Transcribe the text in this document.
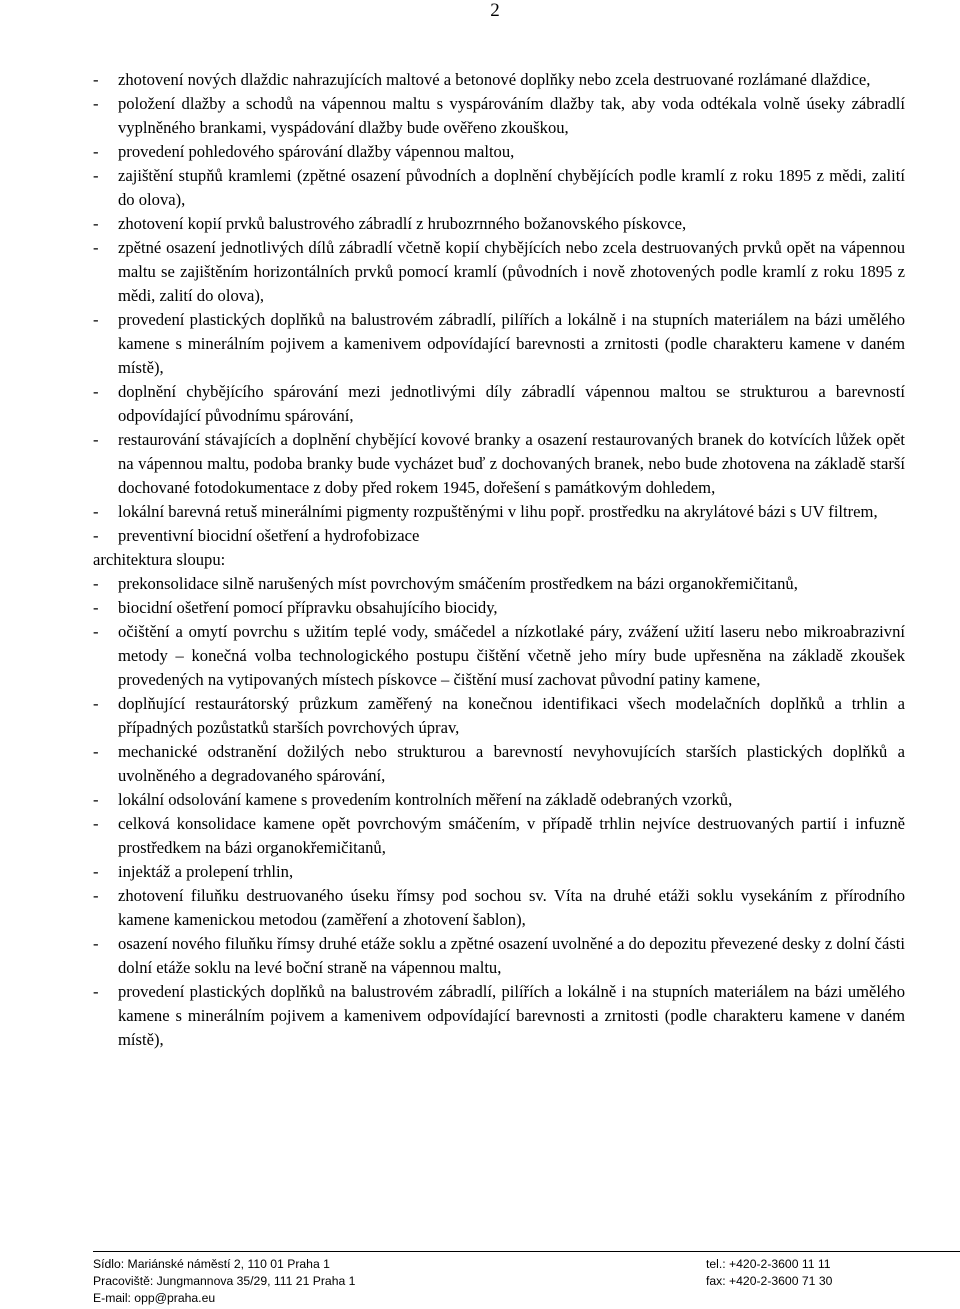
2
- zhotovení nových dlaždic nahrazujících maltové a betonové doplňky nebo zcela destruované rozlámané dlaždice,
- položení dlažby a schodů na vápennou maltu s vyspárováním dlažby tak, aby voda odtékala volně úseky zábradlí vyplněného brankami, vyspádování dlažby bude ověřeno zkouškou,
- provedení pohledového spárování dlažby vápennou maltou,
- zajištění stupňů kramlemi (zpětné osazení původních a doplnění chybějících podle kramlí z roku 1895 z mědi, zalití do olova),
- zhotovení kopií prvků balustrového zábradlí z hrubozrnného božanovského pískovce,
- zpětné osazení jednotlivých dílů zábradlí včetně kopií chybějících nebo zcela destruovaných prvků opět na vápennou maltu se zajištěním horizontálních prvků pomocí kramlí (původních i nově zhotovených podle kramlí z roku 1895 z mědi, zalití do olova),
- provedení plastických doplňků na balustrovém zábradlí, pilířích a lokálně i na stupních materiálem na bázi umělého kamene s minerálním pojivem a kamenivem odpovídající barevnosti a zrnitosti (podle charakteru kamene v daném místě),
- doplnění chybějícího spárování mezi jednotlivými díly zábradlí vápennou maltou se strukturou a barevností odpovídající původnímu spárování,
- restaurování stávajících a doplnění chybějící kovové branky a osazení restaurovaných branek do kotvících lůžek opět na vápennou maltu, podoba branky bude vycházet buď z dochovaných branek, nebo bude zhotovena na základě starší dochované fotodokumentace z doby před rokem 1945, dořešení s památkovým dohledem,
- lokální barevná retuš minerálními pigmenty rozpuštěnými v lihu popř. prostředku na akrylátové bázi s UV filtrem,
- preventivní biocidní ošetření a hydrofobizace
architektura sloupu:
- prekonsolidace silně narušených míst povrchovým smáčením prostředkem na bázi organokřemičitanů,
- biocidní ošetření pomocí přípravku obsahujícího biocidy,
- očištění a omytí povrchu s užitím teplé vody, smáčedel a nízkotlaké páry, zvážení užití laseru nebo mikroabrazivní metody – konečná volba technologického postupu čištění včetně jeho míry bude upřesněna na základě zkoušek provedených na vytipovaných místech pískovce – čištění musí zachovat původní patiny kamene,
- doplňující restaurátorský průzkum zaměřený na konečnou identifikaci všech modelačních doplňků a trhlin a případných pozůstatků starších povrchových úprav,
- mechanické odstranění dožilých nebo strukturou a barevností nevyhovujících starších plastických doplňků a uvolněného a degradovaného spárování,
- lokální odsolování kamene s provedením kontrolních měření na základě odebraných vzorků,
- celková konsolidace kamene opět povrchovým smáčením, v případě trhlin nejvíce destruovaných partií i infuzně prostředkem na bázi organokřemičitanů,
- injektáž a prolepení trhlin,
- zhotovení filuňku destruovaného úseku římsy pod sochou sv. Víta na druhé etáži soklu vysekáním z přírodního kamene kamenickou metodou (zaměření a zhotovení šablon),
- osazení nového filuňku římsy druhé etáže soklu a zpětné osazení uvolněné a do depozitu převezené desky z dolní části dolní etáže soklu na levé boční straně na vápennou maltu,
- provedení plastických doplňků na balustrovém zábradlí, pilířích a lokálně i na stupních materiálem na bázi umělého kamene s minerálním pojivem a kamenivem odpovídající barevnosti a zrnitosti (podle charakteru kamene v daném místě),
Sídlo: Mariánské náměstí 2, 110 01 Praha 1
Pracoviště: Jungmannova 35/29, 111 21 Praha 1
E-mail: opp@praha.eu
tel.: +420-2-3600 11 11
fax: +420-2-3600 71 30
